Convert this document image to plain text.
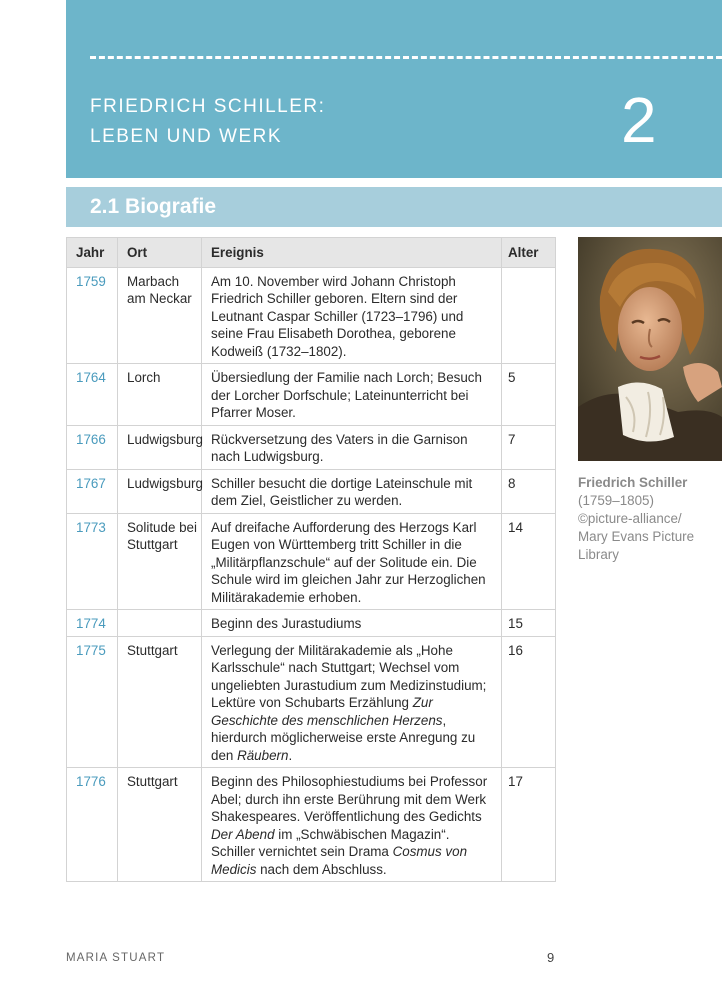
FRIEDRICH SCHILLER:
LEBEN UND WERK	2
2.1 Biografie
Jahr	Ort	Ereignis	Alter
1759	Marbach am Neckar	Am 10. November wird Johann Christoph Friedrich Schiller geboren. Eltern sind der Leutnant Caspar Schiller (1723–1796) und seine Frau Elisabeth Dorothea, geborene Kodweiß (1732–1802).	
1764	Lorch	Übersiedlung der Familie nach Lorch; Besuch der Lorcher Dorfschule; Lateinunterricht bei Pfarrer Moser.	5
1766	Ludwigsburg	Rückversetzung des Vaters in die Garnison nach Ludwigsburg.	7
1767	Ludwigsburg	Schiller besucht die dortige Lateinschule mit dem Ziel, Geistlicher zu werden.	8
1773	Solitude bei Stuttgart	Auf dreifache Aufforderung des Herzogs Karl Eugen von Württemberg tritt Schiller in die „Militärpflanzschule“ auf der Solitude ein. Die Schule wird im gleichen Jahr zur Herzoglichen Militärakademie erhoben.	14
1774		Beginn des Jurastudiums	15
1775	Stuttgart	Verlegung der Militärakademie als „Hohe Karlsschule“ nach Stuttgart; Wechsel vom ungeliebten Jurastudium zum Medizinstudium; Lektüre von Schubarts Erzählung Zur Geschichte des menschlichen Herzens, hierdurch möglicherweise erste Anregung zu den Räubern.	16
1776	Stuttgart	Beginn des Philosophiestudiums bei Professor Abel; durch ihn erste Berührung mit dem Werk Shakespeares. Veröffentlichung des Gedichts Der Abend im „Schwäbischen Magazin“. Schiller vernichtet sein Drama Cosmus von Medicis nach dem Abschluss.	17
Friedrich Schiller
(1759–1805)
©picture-alliance/
Mary Evans Picture
Library
MARIA STUART	9
